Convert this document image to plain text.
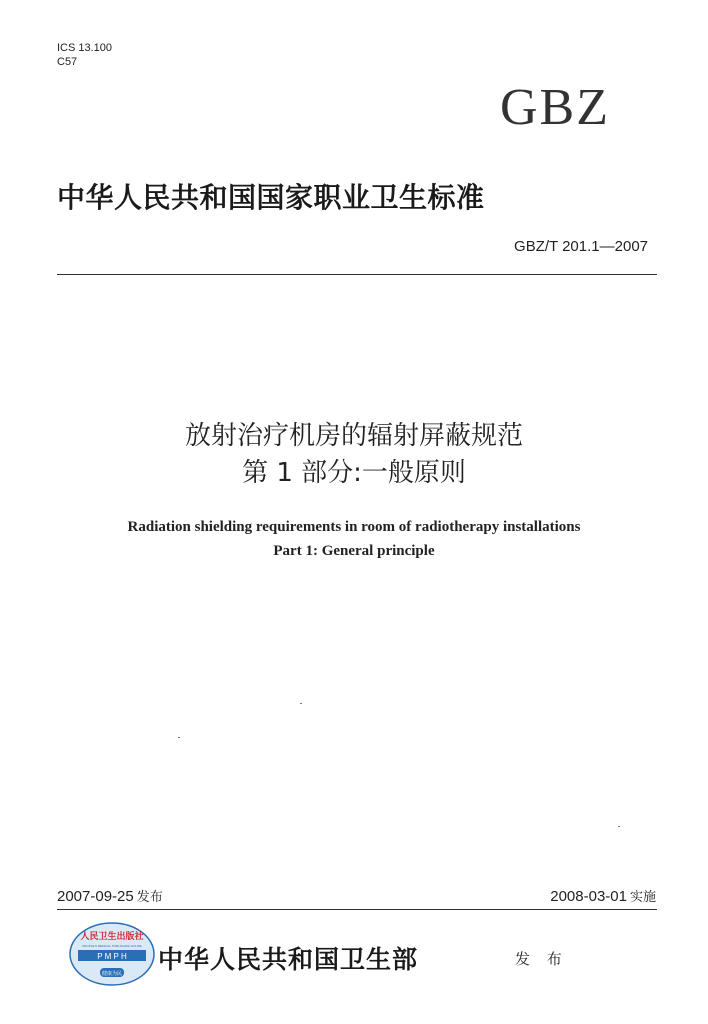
ICS 13.100
C57
GBZ
中华人民共和国国家职业卫生标准
GBZ/T 201.1—2007
放射治疗机房的辐射屏蔽规范
第 1 部分:一般原则
Radiation shielding requirements in room of radiotherapy installations
Part 1: General principle
2007-09-25 发布	2008-03-01 实施
人民卫生出版社
P M P H
PEOPLE'S MEDICAL PUBLISHING HOUSE
健康为民 中华人民共和国卫生部	发 布
